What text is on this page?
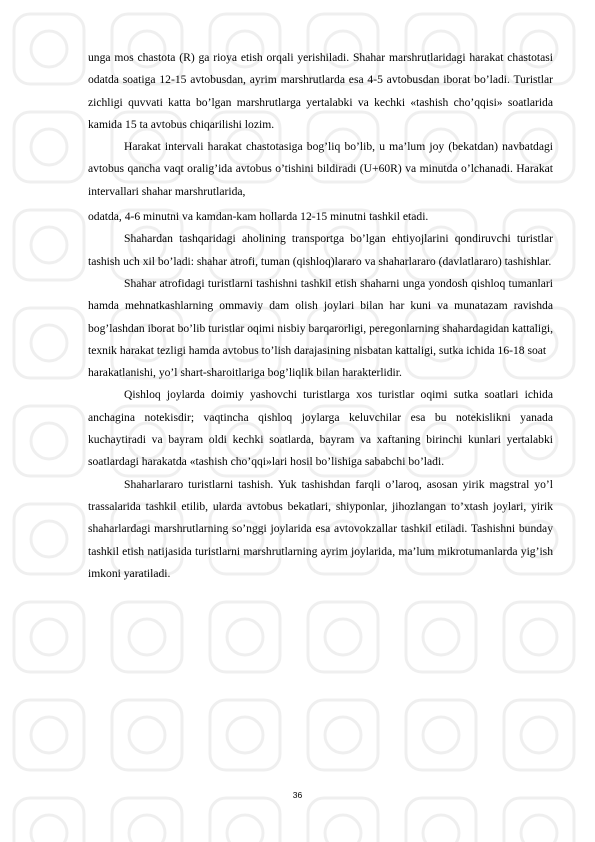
unga mos chastota (R) ga rioya etish orqali yerishiladi. Shahar marshrutlaridagi harakat chastotasi odatda soatiga 12-15 avtobusdan, ayrim marshrutlarda esa 4-5 avtobusdan iborat bo’ladi. Turistlar zichligi quvvati katta bo’lgan marshrutlarga yertalabki va kechki «tashish cho’qqisi» soatlarida kamida 15 ta avtobus chiqarilishi lozim.

Harakat intervali harakat chastotasiga bog’liq bo’lib, u ma’lum joy (bekatdan) navbatdagi avtobus qancha vaqt oralig’ida avtobus o’tishini bildiradi (U+60R) va minutda o’lchanadi. Harakat intervallari shahar marshrutlarida,

odatda, 4-6 minutni va kamdan-kam hollarda 12-15 minutni tashkil etadi.

Shahardan tashqaridagi aholining transportga bo’lgan ehtiyojlarini qondiruvchi turistlar tashish uch xil bo’ladi: shahar atrofi, tuman (qishloq)lararo va shaharlararo (davlatlararo) tashishlar.

Shahar atrofidagi turistlarni tashishni tashkil etish shaharni unga yondosh qishloq tumanlari hamda mehnatkashlarning ommaviy dam olish joylari bilan har kuni va munatazam ravishda bog’lashdan iborat bo’lib turistlar oqimi nisbiy barqarorligi, peregonlarning shahardagidan kattaligi, texnik harakat tezligi hamda avtobus to’lish darajasining nisbatan kattaligi, sutka ichida 16-18 soat

harakatlanishi, yo’l shart-sharoitlariga bog’liqlik bilan harakterlidir.

Qishloq joylarda doimiy yashovchi turistlarga xos turistlar oqimi sutka soatlari ichida anchagina notekisdir; vaqtincha qishloq joylarga keluvchilar esa bu notekislikni yanada kuchaytiradi va bayram oldi kechki soatlarda, bayram va xaftaning birinchi kunlari yertalabki soatlardagi harakatda «tashish cho’qqi»lari hosil bo’lishiga sababchi bo’ladi.

Shaharlararo turistlarni tashish. Yuk tashishdan farqli o’laroq, asosan yirik magstral yo’l trassalarida tashkil etilib, ularda avtobus bekatlari, shiyponlar, jihozlangan to’xtash joylari, yirik shaharlardagi marshrutlarning so’nggi joylarida esa avtovokzallar tashkil etiladi. Tashishni bunday tashkil etish natijasida turistlarni marshrutlarning ayrim joylarida, ma’lum mikrotumanlarda yig’ish imkoni yaratiladi.

36
